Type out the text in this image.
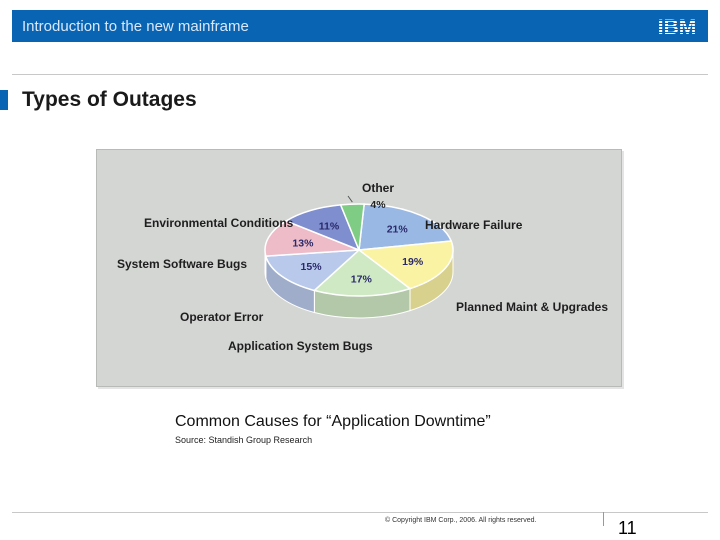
Introduction to the new mainframe	IBM
Types of Outages
21%
19%
17%
15%
13%
11%
4%
Hardware Failure
Planned Maint & Upgrades
Application System Bugs
Operator Error
System Software Bugs
Environmental Conditions
Other
Common Causes for “Application Downtime”
Source: Standish Group Research
© Copyright IBM Corp., 2006. All rights reserved.	11
